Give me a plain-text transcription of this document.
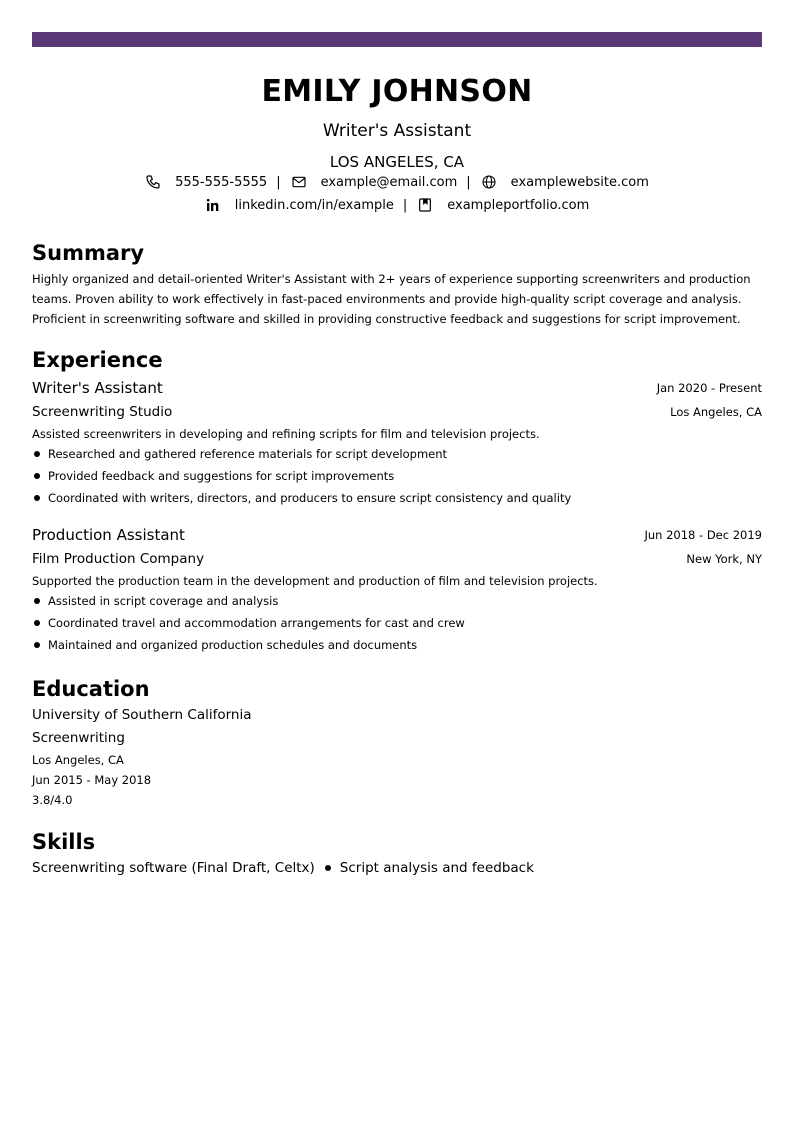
EMILY JOHNSON
Writer's Assistant
LOS ANGELES, CA
555-555-5555 |	example@email.com |	examplewebsite.com
linkedin.com/in/example |	exampleportfolio.com
Summary
Highly organized and detail-oriented Writer's Assistant with 2+ years of experience supporting screenwriters and production
teams. Proven ability to work effectively in fast-paced environments and provide high-quality script coverage and analysis.
Proficient in screenwriting software and skilled in providing constructive feedback and suggestions for script improvement.
Experience
Writer's Assistant	Jan 2020 - Present
Screenwriting Studio	Los Angeles, CA
Assisted screenwriters in developing and refining scripts for film and television projects.
Researched and gathered reference materials for script development
Provided feedback and suggestions for script improvements
Coordinated with writers, directors, and producers to ensure script consistency and quality
Production Assistant	Jun 2018 - Dec 2019
Film Production Company	New York, NY
Supported the production team in the development and production of film and television projects.
Assisted in script coverage and analysis
Coordinated travel and accommodation arrangements for cast and crew
Maintained and organized production schedules and documents
Education
University of Southern California
Screenwriting
Los Angeles, CA
Jun 2015 - May 2018
3.8/4.0
Skills
Screenwriting software (Final Draft, Celtx) Script analysis and feedback
